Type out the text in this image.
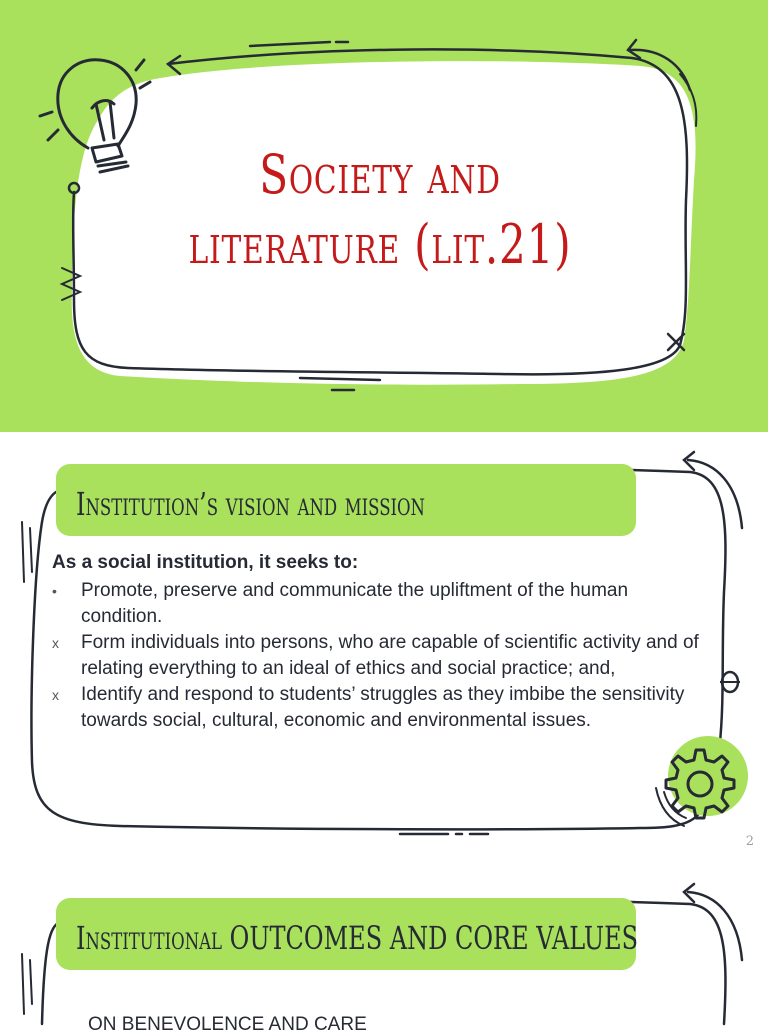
Society and
literature (lit.21)
Institution’s vision and mission
As a social institution, it seeks to:
•	Promote, preserve and communicate the upliftment of the human condition.
x	Form individuals into persons, who are capable of scientific activity and of relating everything to an ideal of ethics and social practice; and,
x	Identify and respond to students’ struggles as they imbibe the sensitivity towards social, cultural, economic and environmental issues.
2
Institutional OUTCOMES AND CORE VALUES
ON BENEVOLENCE AND CARE
